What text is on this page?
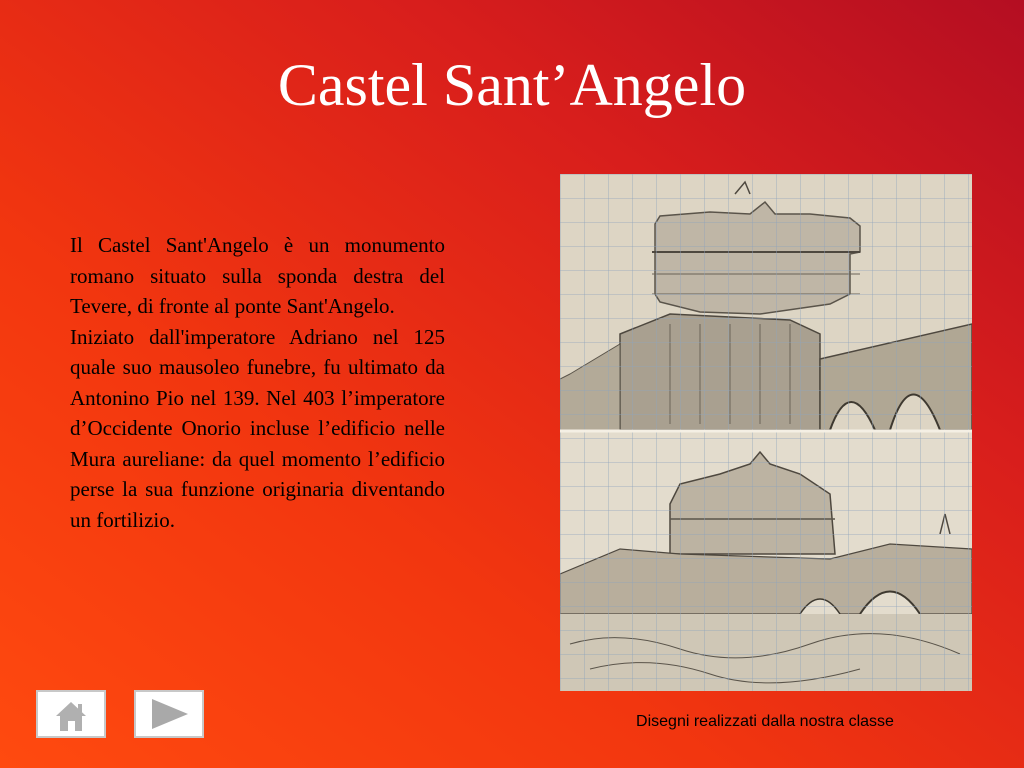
Castel Sant’Angelo

Il Castel Sant'Angelo è un monumento romano situato sulla sponda destra del Tevere, di fronte al ponte Sant'Angelo.

Iniziato dall'imperatore Adriano nel 125 quale suo mausoleo funebre, fu ultimato da Antonino Pio nel 139. Nel 403 l’imperatore d’Occidente Onorio incluse l’edificio nelle Mura aureliane: da quel momento l’edificio perse la sua funzione originaria diventando un fortilizio.

Disegni realizzati dalla nostra classe
